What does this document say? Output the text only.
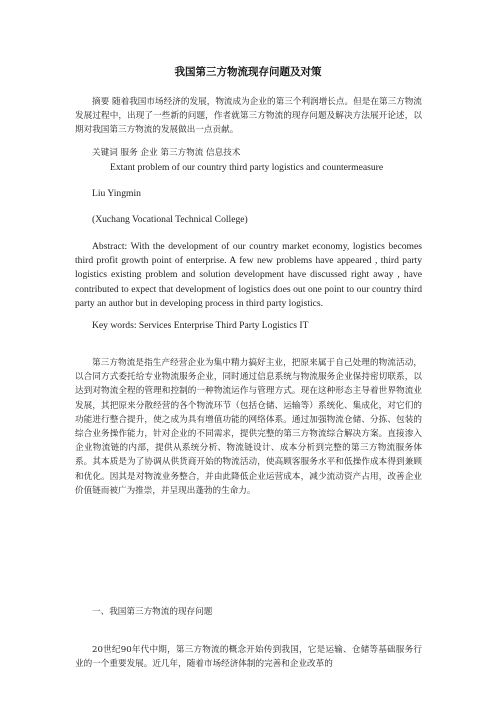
我国第三方物流现存问题及对策
摘要 随着我国市场经济的发展，物流成为企业的第三个利润增长点。但是在第三方物流发展过程中，出现了一些新的问题，作者就第三方物流的现存问题及解决方法展开论述，以期对我国第三方物流的发展做出一点贡献。
关键词 服务 企业 第三方物流 信息技术
Extant problem of our country third party logistics and countermeasure
Liu Yingmin
(Xuchang Vocational Technical College)
Abstract: With the development of our country market economy, logistics becomes third profit growth point of enterprise. A few new problems have appeared , third party logistics existing problem and solution development have discussed right away , have contributed to expect that development of logistics does out one point to our country third party an author but in developing process in third party logistics.
Key words: Services Enterprise Third Party Logistics IT
第三方物流是指生产经营企业为集中精力搞好主业，把原来属于自己处理的物流活动，以合同方式委托给专业物流服务企业，同时通过信息系统与物流服务企业保持密切联系，以达到对物流全程的管理和控制的一种物流运作与管理方式。现在这种形态主导着世界物流业发展，其把原来分散经营的各个物流环节（包括仓储、运输等）系统化、集成化，对它们的功能进行整合提升，使之成为具有增值功能的网络体系。通过加强物流仓储、分拣、包装的综合业务操作能力，针对企业的不同需求，提供完整的第三方物流综合解决方案。直接渗入企业物流链的内部，提供从系统分析、物流链设计、成本分析到完整的第三方物流服务体系。其本质是为了协调从供货商开始的物流活动，使高顾客服务水平和低操作成本得到兼顾和优化。因其是对物流业务整合，并由此降低企业运营成本，减少流动资产占用，改善企业价值链而被广为推崇，并呈现出蓬勃的生命力。
一、我国第三方物流的现存问题
20世纪90年代中期，第三方物流的概念开始传到我国，它是运输、仓储等基础服务行业的一个重要发展。近几年，随着市场经济体制的完善和企业改革的
